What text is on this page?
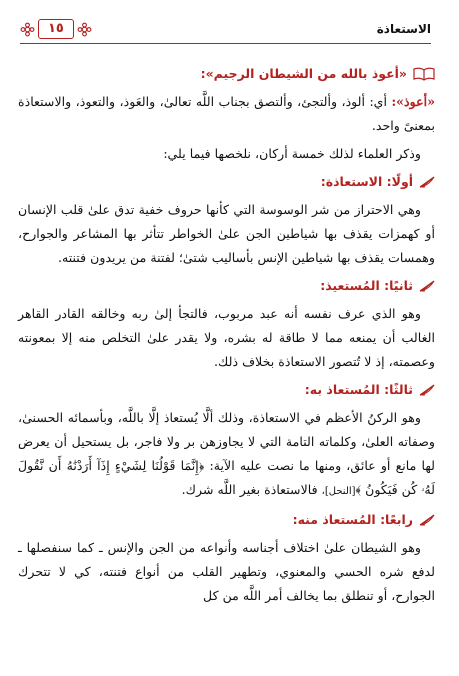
١٥	الاستعاذة
«أعوذ بالله من الشيطان الرجيم»:

«أعوذ»: أي: ألوذ، وألتجئ، وألتصق بجناب اللَّه تعالىٰ، والعَوذ، والتعوذ، والاستعاذة بمعنىً واحد.

وذكر العلماء لذلك خمسة أركان، نلخصها فيما يلي:

أولًا: الاستعاذة:

وهي الاحتراز من شر الوسوسة التي كأنها حروف خفية تدق علىٰ قلب الإنسان أو كهمزات يقذف بها شياطين الجن علىٰ الخواطر تتأثر بها المشاعر والجوارح، وهمسات يقذف بها شياطين الإنس بأساليب شتىٰ؛ لفتنة من يريدون فتنته.

ثانيًا: المُستعيذ:

وهو الذي عرف نفسه أنه عبد مربوب، فالتجأ إلىٰ ربه وخالقه القادر القاهر الغالب أن يمنعه مما لا طاقة له بشره، ولا يقدر علىٰ التخلص منه إلا بمعونته وعصمته، إذ لا تُتصور الاستعاذة بخلاف ذلك.

ثالثًا: المُستعاذ به:

وهو الركنُ الأعظم في الاستعاذة، وذلك ألَّا يُستعاذ إلَّا باللَّه، وبأسمائه الحسنىٰ، وصفاته العلىٰ، وكلماته التامة التي لا يجاوزهن بر ولا فاجر، بل يستحيل أن يعرض لها مانع أو عائق، ومنها ما نصت عليه الآية: ﴿إِنَّمَا قَوْلُنَا لِشَيْءٍ إِذَآ أَرَدْنَٰهُ أَن نَّقُولَ لَهُۥ كُن فَيَكُونُ ﴾[النحل]، فالاستعاذة بغير اللَّه شرك.

رابعًا: المُستعاذ منه:

وهو الشيطان علىٰ اختلاف أجناسه وأنواعه من الجن والإنس ـ كما سنفصلها ـ لدفع شره الحسي والمعنوي، وتطهير القلب من أنواع فتنته، كي لا تتحرك الجوارح، أو تنطلق بما يخالف أمر اللَّه من كل
